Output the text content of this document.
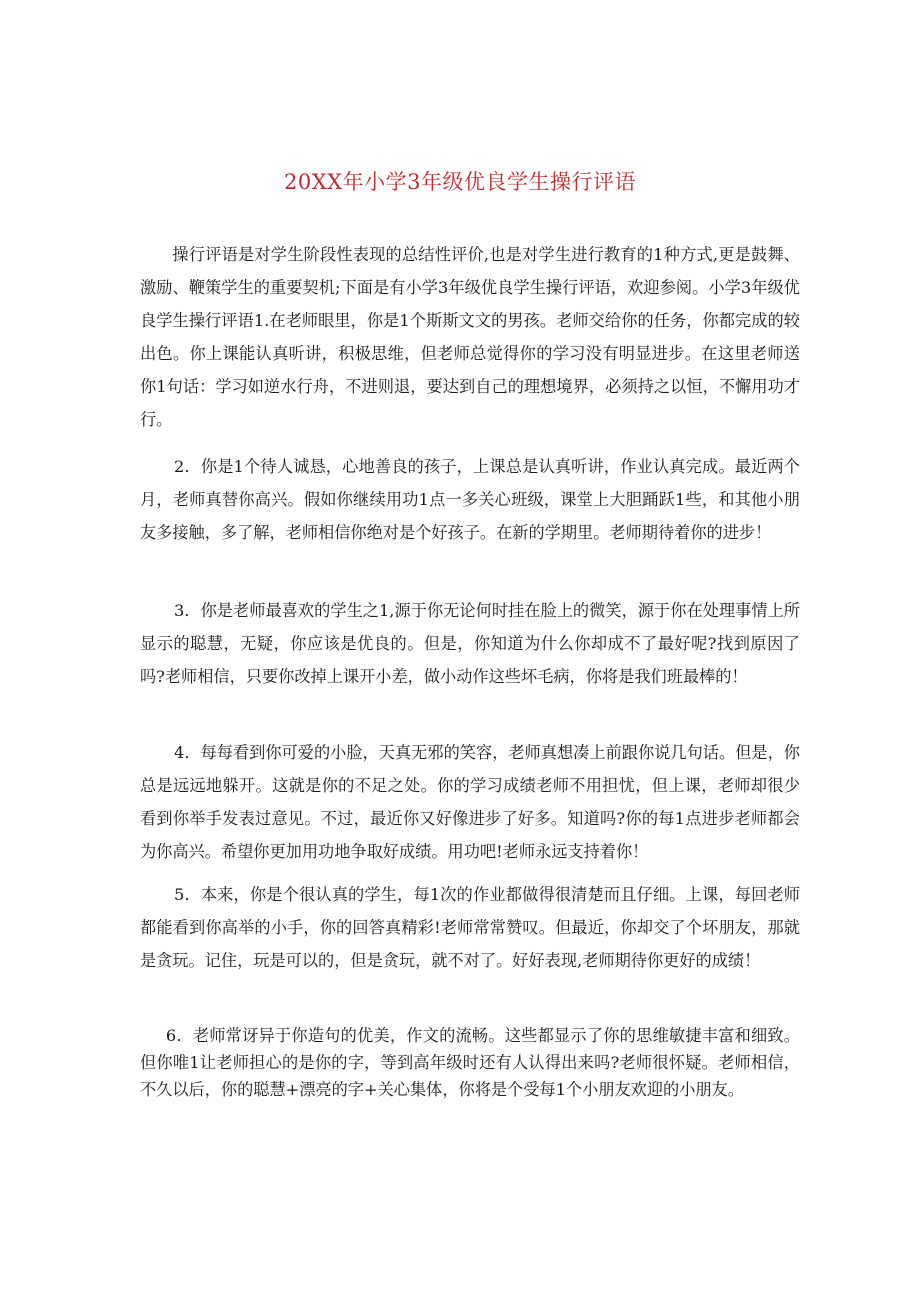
20XX年小学3年级优良学生操行评语

操行评语是对学生阶段性表现的总结性评价,也是对学生进行教育的1种方式,更是鼓舞、激励、鞭策学生的重要契机;下面是有小学3年级优良学生操行评语，欢迎参阅。小学3年级优良学生操行评语1.在老师眼里，你是1个斯斯文文的男孩。老师交给你的任务，你都完成的较出色。你上课能认真听讲，积极思维，但老师总觉得你的学习没有明显进步。在这里老师送你1句话：学习如逆水行舟，不进则退，要达到自己的理想境界，必须持之以恒，不懈用功才行。

2．你是1个待人诚恳，心地善良的孩子，上课总是认真听讲，作业认真完成。最近两个月，老师真替你高兴。假如你继续用功1点一多关心班级，课堂上大胆踊跃1些，和其他小朋友多接触，多了解，老师相信你绝对是个好孩子。在新的学期里。老师期待着你的进步！

3．你是老师最喜欢的学生之1,源于你无论何时挂在脸上的微笑，源于你在处理事情上所显示的聪慧，无疑，你应该是优良的。但是，你知道为什么你却成不了最好呢?找到原因了吗?老师相信，只要你改掉上课开小差，做小动作这些坏毛病，你将是我们班最棒的！

4．每每看到你可爱的小脸，天真无邪的笑容，老师真想凑上前跟你说几句话。但是，你总是远远地躲开。这就是你的不足之处。你的学习成绩老师不用担忧，但上课，老师却很少看到你举手发表过意见。不过，最近你又好像进步了好多。知道吗?你的每1点进步老师都会为你高兴。希望你更加用功地争取好成绩。用功吧!老师永远支持着你！

5．本来，你是个很认真的学生，每1次的作业都做得很清楚而且仔细。上课，每回老师都能看到你高举的小手，你的回答真精彩!老师常常赞叹。但最近，你却交了个坏朋友，那就是贪玩。记住，玩是可以的，但是贪玩，就不对了。好好表现,老师期待你更好的成绩！

6．老师常讶异于你造句的优美，作文的流畅。这些都显示了你的思维敏捷丰富和细致。但你唯1让老师担心的是你的字，等到高年级时还有人认得出来吗?老师很怀疑。老师相信，不久以后，你的聪慧+漂亮的字+关心集体，你将是个受每1个小朋友欢迎的小朋友。
